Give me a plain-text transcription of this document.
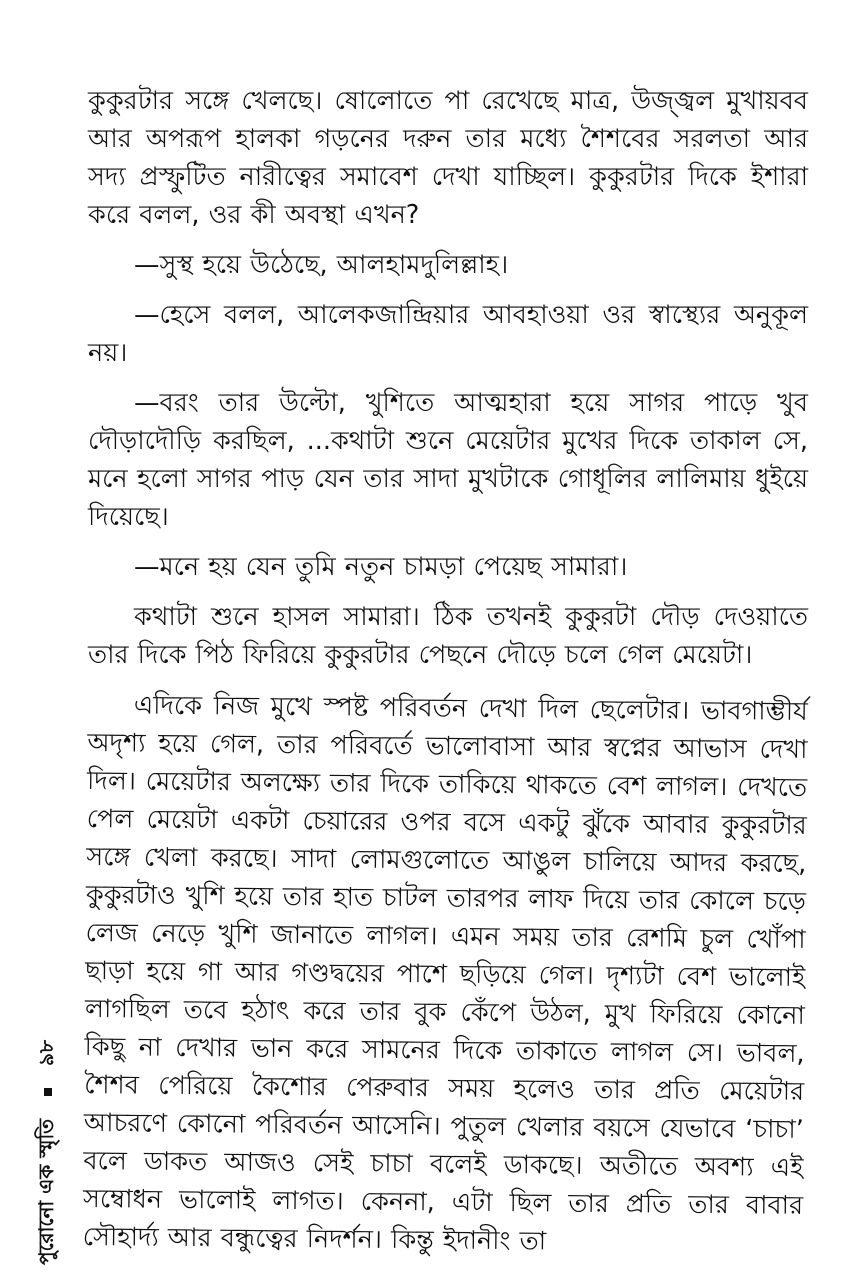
কুকুরটার সঙ্গে খেলছে। ষোলোতে পা রেখেছে মাত্র, উজ্জ্বল মুখায়বব আর অপরূপ হালকা গড়নের দরুন তার মধ্যে শৈশবের সরলতা আর সদ্য প্রস্ফুটিত নারীত্বের সমাবেশ দেখা যাচ্ছিল। কুকুরটার দিকে ইশারা করে বলল, ওর কী অবস্থা এখন?

—সুস্থ হয়ে উঠেছে, আলহামদুলিল্লাহ।

—হেসে বলল, আলেকজান্দ্রিয়ার আবহাওয়া ওর স্বাস্থ্যের অনুকূল নয়।

—বরং তার উল্টো, খুশিতে আত্মহারা হয়ে সাগর পাড়ে খুব দৌড়াদৌড়ি করছিল, ...কথাটা শুনে মেয়েটার মুখের দিকে তাকাল সে, মনে হলো সাগর পাড় যেন তার সাদা মুখটাকে গোধূলির লালিমায় ধুইয়ে দিয়েছে।

—মনে হয় যেন তুমি নতুন চামড়া পেয়েছ সামারা।

কথাটা শুনে হাসল সামারা। ঠিক তখনই কুকুরটা দৌড় দেওয়াতে তার দিকে পিঠ ফিরিয়ে কুকুরটার পেছনে দৌড়ে চলে গেল মেয়েটা।

এদিকে নিজ মুখে স্পষ্ট পরিবর্তন দেখা দিল ছেলেটার। ভাবগাম্ভীর্য অদৃশ্য হয়ে গেল, তার পরিবর্তে ভালোবাসা আর স্বপ্নের আভাস দেখা দিল। মেয়েটার অলক্ষ্যে তার দিকে তাকিয়ে থাকতে বেশ লাগল। দেখতে পেল মেয়েটা একটা চেয়ারের ওপর বসে একটু ঝুঁকে আবার কুকুরটার সঙ্গে খেলা করছে। সাদা লোমগুলোতে আঙুল চালিয়ে আদর করছে, কুকুরটাও খুশি হয়ে তার হাত চাটল তারপর লাফ দিয়ে তার কোলে চড়ে লেজ নেড়ে খুশি জানাতে লাগল। এমন সময় তার রেশমি চুল খোঁপা ছাড়া হয়ে গা আর গণ্ডদ্বয়ের পাশে ছড়িয়ে গেল। দৃশ্যটা বেশ ভালোই লাগছিল তবে হঠাৎ করে তার বুক কেঁপে উঠল, মুখ ফিরিয়ে কোনো কিছু না দেখার ভান করে সামনের দিকে তাকাতে লাগল সে। ভাবল, শৈশব পেরিয়ে কৈশোর পেরুবার সময় হলেও তার প্রতি মেয়েটার আচরণে কোনো পরিবর্তন আসেনি। পুতুল খেলার বয়সে যেভাবে ‘চাচা’ বলে ডাকত আজও সেই চাচা বলেই ডাকছে। অতীতে অবশ্য এই সম্বোধন ভালোই লাগত। কেননা, এটা ছিল তার প্রতি তার বাবার সৌহার্দ্য আর বন্ধুত্বের নিদর্শন। কিন্তু ইদানীং তা

পুরোনো এক স্মৃতি
৯৮
